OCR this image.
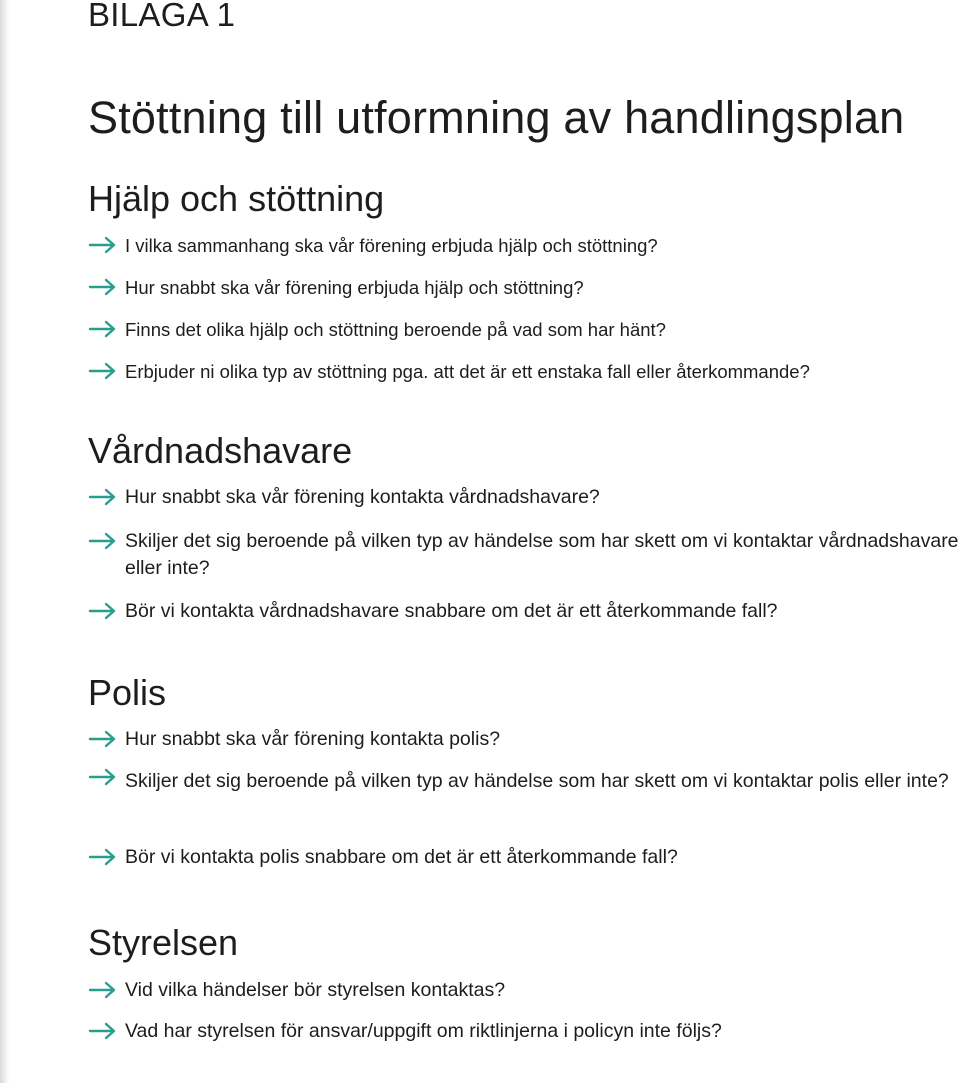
BILAGA 1
Stöttning till utformning av handlingsplan
Hjälp och stöttning
I vilka sammanhang ska vår förening erbjuda hjälp och stöttning?
Hur snabbt ska vår förening erbjuda hjälp och stöttning?
Finns det olika hjälp och stöttning beroende på vad som har hänt?
Erbjuder ni olika typ av stöttning pga. att det är ett enstaka fall eller återkommande?
Vårdnadshavare
Hur snabbt ska vår förening kontakta vårdnadshavare?
Skiljer det sig beroende på vilken typ av händelse som har skett om vi kontaktar vårdnadshavare eller inte?
Bör vi kontakta vårdnadshavare snabbare om det är ett återkommande fall?
Polis
Hur snabbt ska vår förening kontakta polis?
Skiljer det sig beroende på vilken typ av händelse som har skett om vi kontaktar polis eller inte?
Bör vi kontakta polis snabbare om det är ett återkommande fall?
Styrelsen
Vid vilka händelser bör styrelsen kontaktas?
Vad har styrelsen för ansvar/uppgift om riktlinjerna i policyn inte följs?
